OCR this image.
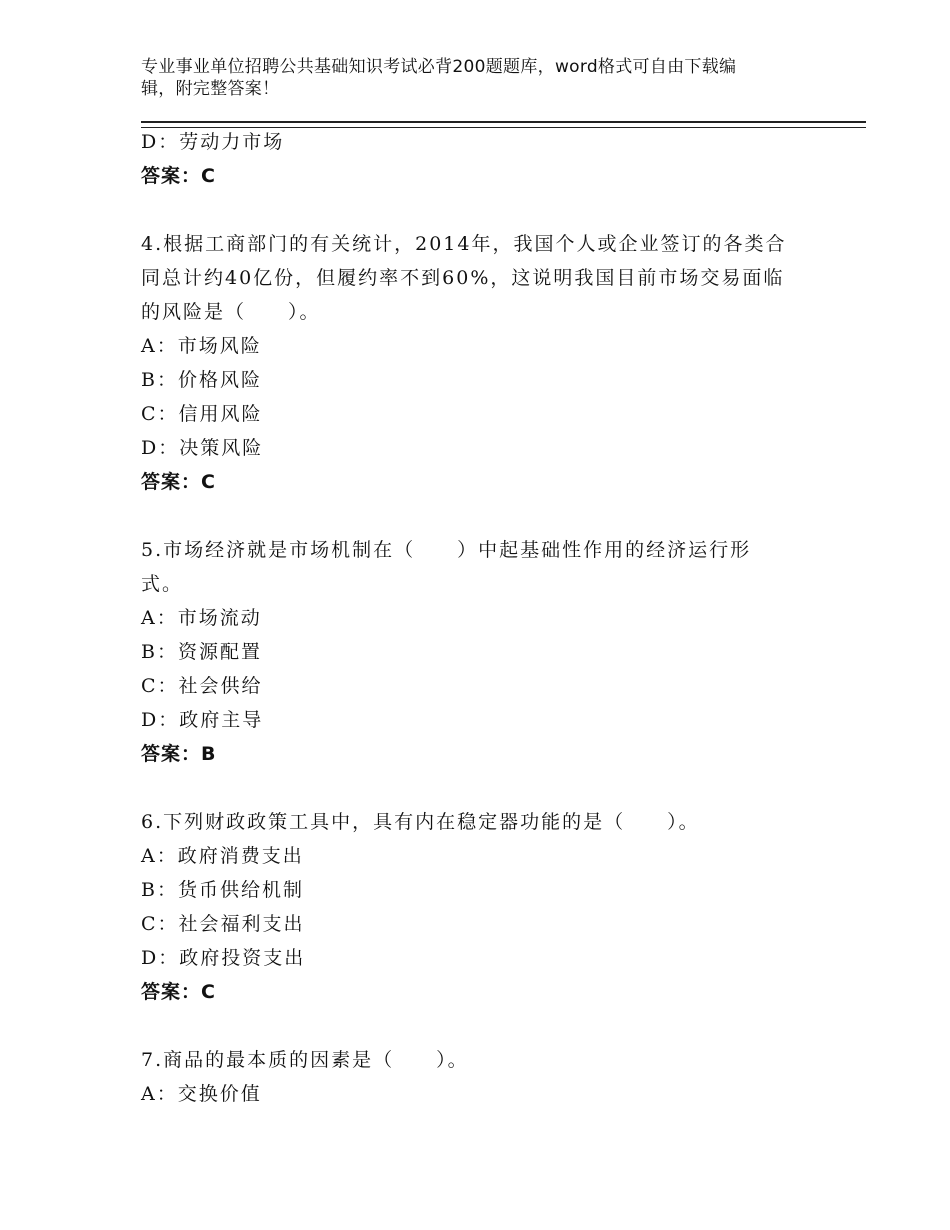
专业事业单位招聘公共基础知识考试必背200题题库，word格式可自由下载编
辑，附完整答案！

D：劳动力市场

答案：C

4.根据工商部门的有关统计，2014年，我国个人或企业签订的各类合

同总计约40亿份，但履约率不到60%，这说明我国目前市场交易面临

的风险是（　　）。

A：市场风险

B：价格风险

C：信用风险

D：决策风险

答案：C

5.市场经济就是市场机制在（　　）中起基础性作用的经济运行形

式。

A：市场流动

B：资源配置

C：社会供给

D：政府主导

答案：B

6.下列财政政策工具中，具有内在稳定器功能的是（　　）。

A：政府消费支出

B：货币供给机制

C：社会福利支出

D：政府投资支出

答案：C

7.商品的最本质的因素是（　　）。

A：交换价值
